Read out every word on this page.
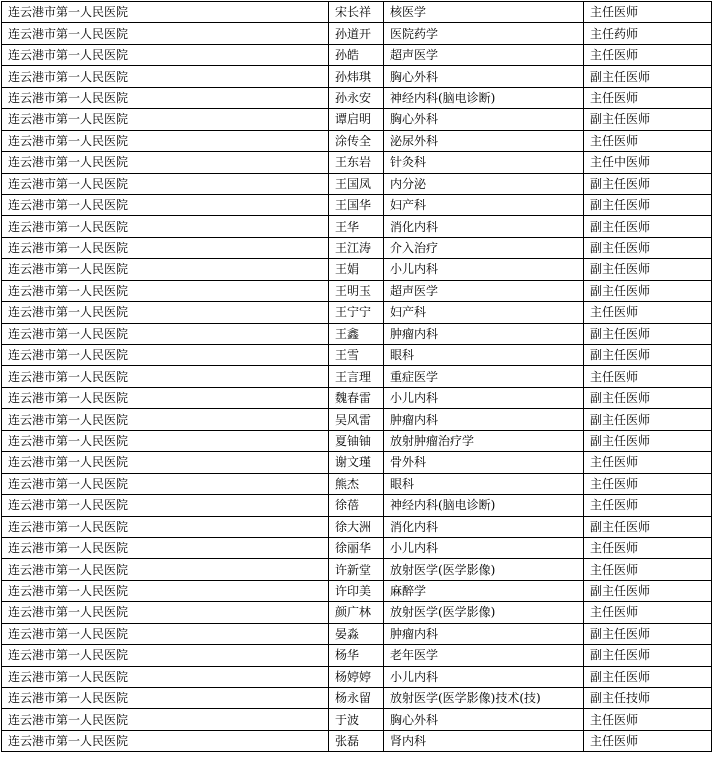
连云港市第一人民医院	宋长祥	核医学	主任医师
连云港市第一人民医院	孙道开	医院药学	主任药师
连云港市第一人民医院	孙皓	超声医学	主任医师
连云港市第一人民医院	孙炜琪	胸心外科	副主任医师
连云港市第一人民医院	孙永安	神经内科(脑电诊断)	主任医师
连云港市第一人民医院	谭启明	胸心外科	副主任医师
连云港市第一人民医院	涂传全	泌尿外科	主任医师
连云港市第一人民医院	王东岩	针灸科	主任中医师
连云港市第一人民医院	王国凤	内分泌	副主任医师
连云港市第一人民医院	王国华	妇产科	副主任医师
连云港市第一人民医院	王华	消化内科	副主任医师
连云港市第一人民医院	王江涛	介入治疗	副主任医师
连云港市第一人民医院	王娟	小儿内科	副主任医师
连云港市第一人民医院	王明玉	超声医学	副主任医师
连云港市第一人民医院	王宁宁	妇产科	主任医师
连云港市第一人民医院	王鑫	肿瘤内科	副主任医师
连云港市第一人民医院	王雪	眼科	副主任医师
连云港市第一人民医院	王言理	重症医学	主任医师
连云港市第一人民医院	魏春雷	小儿内科	副主任医师
连云港市第一人民医院	吴风雷	肿瘤内科	副主任医师
连云港市第一人民医院	夏铀铀	放射肿瘤治疗学	副主任医师
连云港市第一人民医院	谢文瑾	骨外科	主任医师
连云港市第一人民医院	熊杰	眼科	主任医师
连云港市第一人民医院	徐蓓	神经内科(脑电诊断)	主任医师
连云港市第一人民医院	徐大洲	消化内科	副主任医师
连云港市第一人民医院	徐丽华	小儿内科	主任医师
连云港市第一人民医院	许新堂	放射医学(医学影像)	主任医师
连云港市第一人民医院	许印美	麻醉学	副主任医师
连云港市第一人民医院	颜广林	放射医学(医学影像)	主任医师
连云港市第一人民医院	晏淼	肿瘤内科	副主任医师
连云港市第一人民医院	杨华	老年医学	副主任医师
连云港市第一人民医院	杨婷婷	小儿内科	副主任医师
连云港市第一人民医院	杨永留	放射医学(医学影像)技术(技)	副主任技师
连云港市第一人民医院	于波	胸心外科	主任医师
连云港市第一人民医院	张磊	肾内科	主任医师
